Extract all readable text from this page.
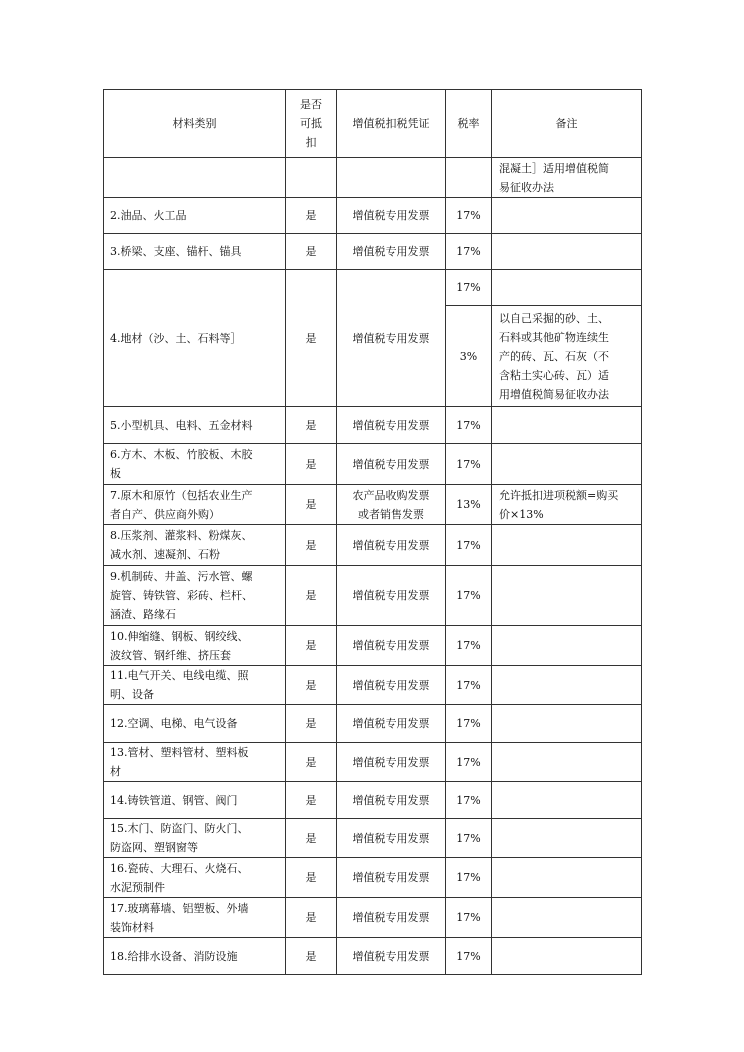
材料类别	是否
可抵
扣	增值税扣税凭证	税率	备注
				混凝土］适用增值税简
易征收办法
2.油品、火工品	是	增值税专用发票	17%	
3.桥梁、支座、锚杆、锚具	是	增值税专用发票	17%	
4.地材（沙、土、石料等］	是	增值税专用发票	17%	
			3%	以自己采掘的砂、土、
石料或其他矿物连续生
产的砖、瓦、石灰（不
含粘土实心砖、瓦）适
用增值税简易征收办法
5.小型机具、电料、五金材料	是	增值税专用发票	17%	
6.方木、木板、竹胶板、木胶
板	是	增值税专用发票	17%	
7.原木和原竹（包括农业生产
者自产、供应商外购）	是	农产品收购发票
或者销售发票	13%	允许抵扣进项税额=购买
价×13%
8.压浆剂、灌浆料、粉煤灰、
减水剂、速凝剂、石粉	是	增值税专用发票	17%	
9.机制砖、井盖、污水管、螺
旋管、铸铁管、彩砖、栏杆、
涵渣、路缘石	是	增值税专用发票	17%	
10.伸缩缝、钢板、钢绞线、
波纹管、钢纤维、挤压套	是	增值税专用发票	17%	
11.电气开关、电线电缆、照
明、设备	是	增值税专用发票	17%	
12.空调、电梯、电气设备	是	增值税专用发票	17%	
13.管材、塑料管材、塑料板
材	是	增值税专用发票	17%	
14.铸铁管道、钢管、阀门	是	增值税专用发票	17%	
15.木门、防盗门、防火门、
防盗网、塑钢窗等	是	增值税专用发票	17%	
16.瓷砖、大理石、火烧石、
水泥预制件	是	增值税专用发票	17%	
17.玻璃幕墙、铝塑板、外墙
装饰材料	是	增值税专用发票	17%	
18.给排水设备、消防设施	是	增值税专用发票	17%	
